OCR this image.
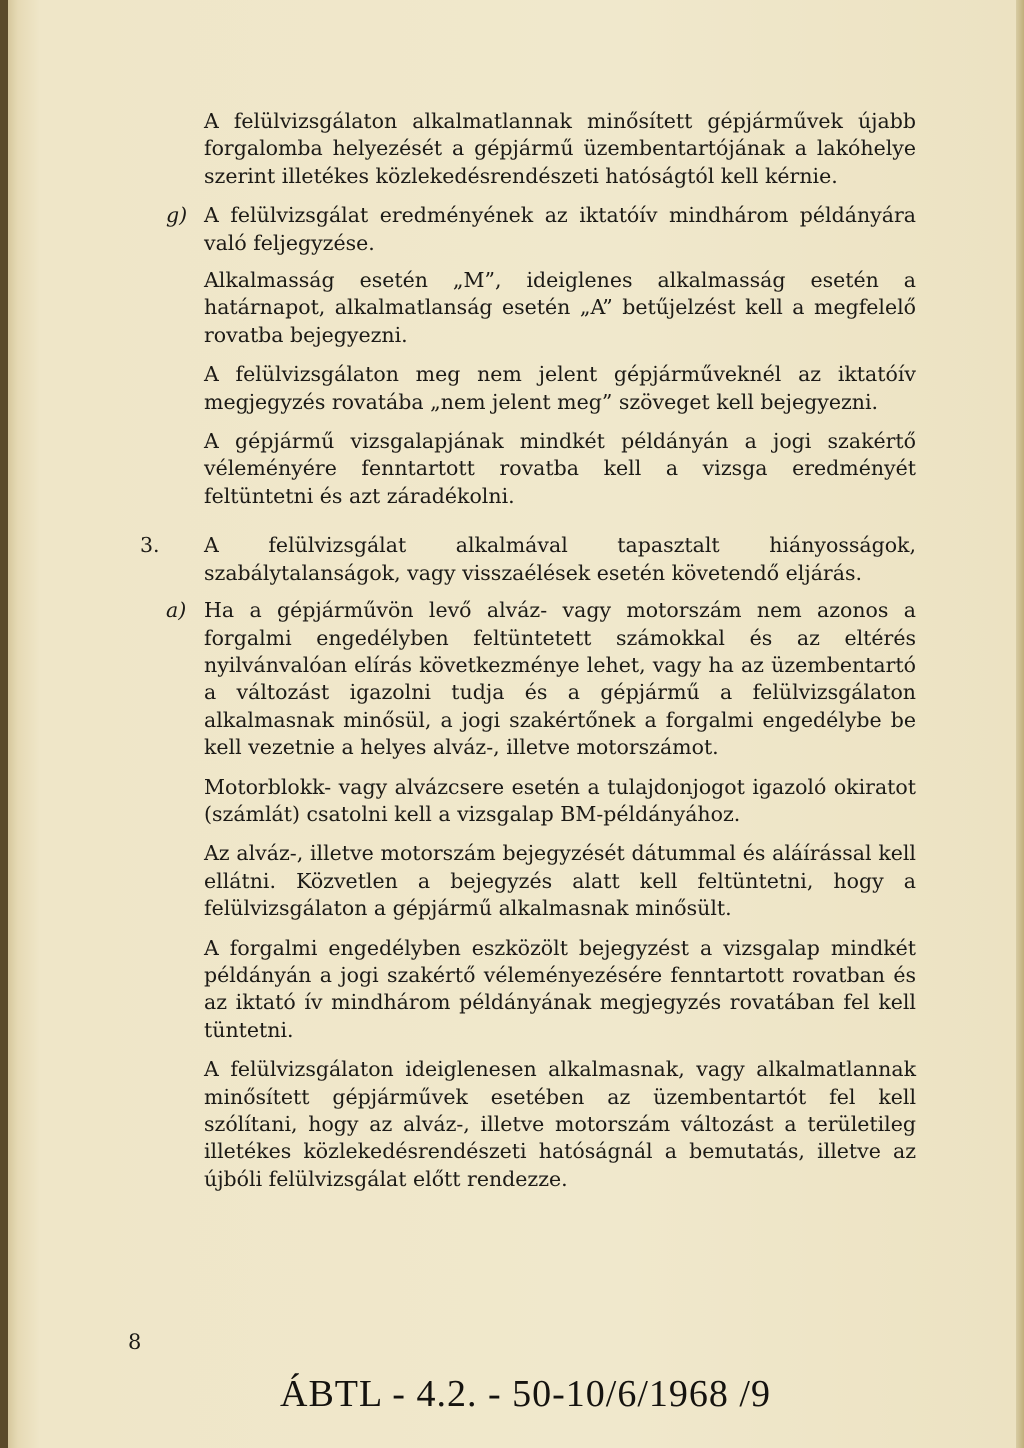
A felülvizsgálaton alkalmatlannak minősített gépjárművek újabb forgalomba helyezését a gépjármű üzembentartójának a lakóhelye szerint illetékes közlekedésrendészeti hatóságtól kell kérnie.

g) A felülvizsgálat eredményének az iktatóív mindhárom példányára való feljegyzése.

Alkalmasság esetén „M”, ideiglenes alkalmasság esetén a határnapot, alkalmatlanság esetén „A” betűjelzést kell a megfelelő rovatba bejegyezni.

A felülvizsgálaton meg nem jelent gépjárműveknél az iktatóív megjegyzés rovatába „nem jelent meg” szöveget kell bejegyezni.

A gépjármű vizsgalapjának mindkét példányán a jogi szakértő véleményére fenntartott rovatba kell a vizsga eredményét feltüntetni és azt záradékolni.

3. A felülvizsgálat alkalmával tapasztalt hiányosságok, szabálytalanságok, vagy visszaélések esetén követendő eljárás.

a) Ha a gépjárművön levő alváz- vagy motorszám nem azonos a forgalmi engedélyben feltüntetett számokkal és az eltérés nyilvánvalóan elírás következménye lehet, vagy ha az üzembentartó a változást igazolni tudja és a gépjármű a felülvizsgálaton alkalmasnak minősül, a jogi szakértőnek a forgalmi engedélybe be kell vezetnie a helyes alváz-, illetve motorszámot.

Motorblokk- vagy alvázcsere esetén a tulajdonjogot igazoló okiratot (számlát) csatolni kell a vizsgalap BM-példányához.

Az alváz-, illetve motorszám bejegyzését dátummal és aláírással kell ellátni. Közvetlen a bejegyzés alatt kell feltüntetni, hogy a felülvizsgálaton a gépjármű alkalmasnak minősült.

A forgalmi engedélyben eszközölt bejegyzést a vizsgalap mindkét példányán a jogi szakértő véleményezésére fenntartott rovatban és az iktató ív mindhárom példányának megjegyzés rovatában fel kell tüntetni.

A felülvizsgálaton ideiglenesen alkalmasnak, vagy alkalmatlannak minősített gépjárművek esetében az üzembentartót fel kell szólítani, hogy az alváz-, illetve motorszám változást a területileg illetékes közlekedésrendészeti hatóságnál a bemutatás, illetve az újbóli felülvizsgálat előtt rendezze.

8
ÁBTL - 4.2. - 50-10/6/1968 /9
